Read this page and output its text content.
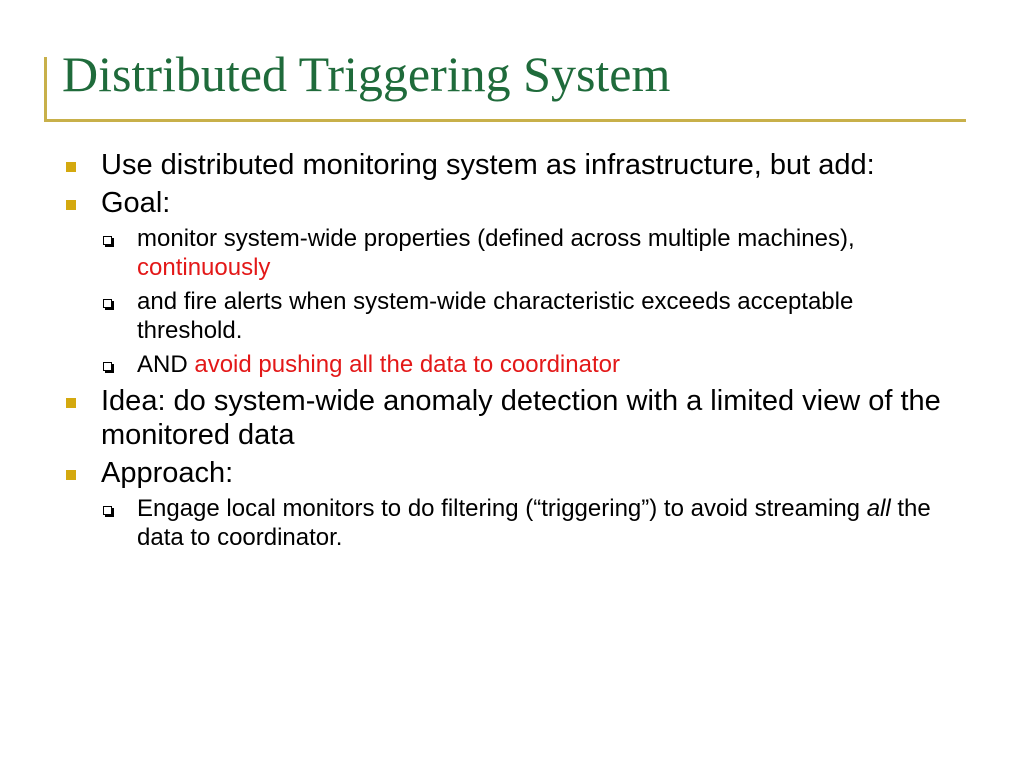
Distributed Triggering System
Use distributed monitoring system as infrastructure, but add:
Goal:
monitor system-wide properties (defined across multiple machines), continuously
and fire alerts when system-wide characteristic exceeds acceptable threshold.
AND avoid pushing all the data to coordinator
Idea: do system-wide anomaly detection with a limited view of the monitored data
Approach:
Engage local monitors to do filtering (“triggering”) to avoid streaming all the data to coordinator.
